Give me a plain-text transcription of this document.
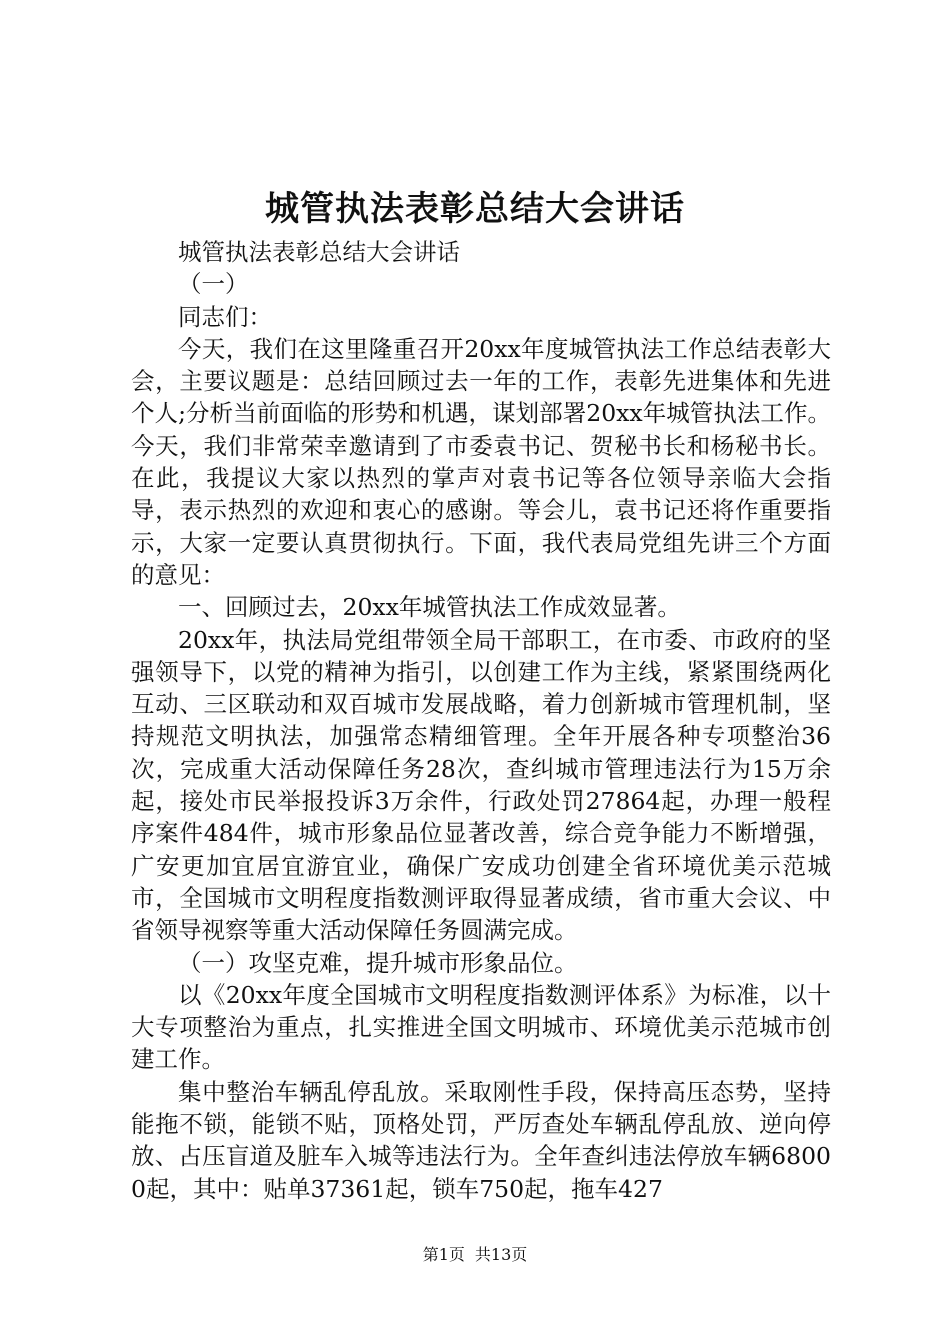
城管执法表彰总结大会讲话

城管执法表彰总结大会讲话

（一）

同志们：

今天，我们在这里隆重召开20xx年度城管执法工作总结表彰大会，主要议题是：总结回顾过去一年的工作，表彰先进集体和先进个人;分析当前面临的形势和机遇，谋划部署20xx年城管执法工作。今天，我们非常荣幸邀请到了市委袁书记、贺秘书长和杨秘书长。在此，我提议大家以热烈的掌声对袁书记等各位领导亲临大会指导，表示热烈的欢迎和衷心的感谢。等会儿，袁书记还将作重要指示，大家一定要认真贯彻执行。下面，我代表局党组先讲三个方面的意见：

一、回顾过去，20xx年城管执法工作成效显著。

20xx年，执法局党组带领全局干部职工，在市委、市政府的坚强领导下，以党的精神为指引，以创建工作为主线，紧紧围绕两化互动、三区联动和双百城市发展战略，着力创新城市管理机制，坚持规范文明执法，加强常态精细管理。全年开展各种专项整治36次，完成重大活动保障任务28次，查纠城市管理违法行为15万余起，接处市民举报投诉3万余件，行政处罚27864起，办理一般程序案件484件，城市形象品位显著改善，综合竞争能力不断增强，广安更加宜居宜游宜业，确保广安成功创建全省环境优美示范城市，全国城市文明程度指数测评取得显著成绩，省市重大会议、中省领导视察等重大活动保障任务圆满完成。

（一）攻坚克难，提升城市形象品位。

以《20xx年度全国城市文明程度指数测评体系》为标准，以十大专项整治为重点，扎实推进全国文明城市、环境优美示范城市创建工作。

集中整治车辆乱停乱放。采取刚性手段，保持高压态势，坚持能拖不锁，能锁不贴，顶格处罚，严厉查处车辆乱停乱放、逆向停放、占压盲道及脏车入城等违法行为。全年查纠违法停放车辆68000起，其中：贴单37361起，锁车750起，拖车427

第1页 共13页
